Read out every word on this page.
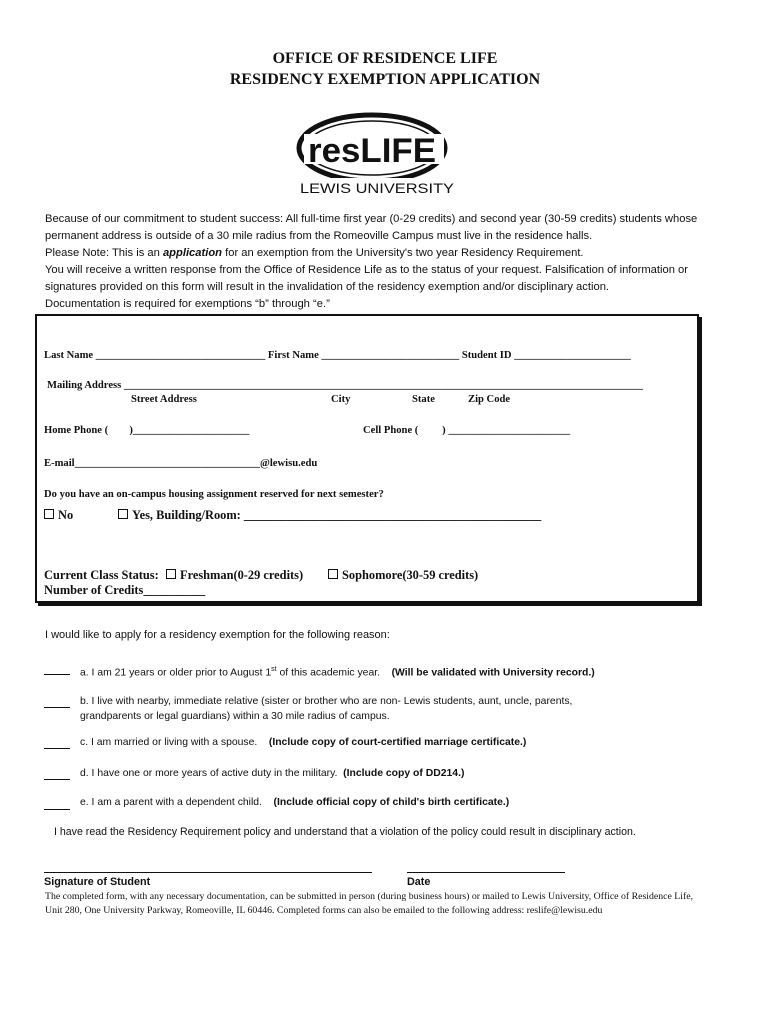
OFFICE OF RESIDENCE LIFE
RESIDENCY EXEMPTION APPLICATION
resLIFE
LEWIS UNIVERSITY

Because of our commitment to student success: All full-time first year (0-29 credits) and second year (30-59 credits) students whose permanent address is outside of a 30 mile radius from the Romeoville Campus must live in the residence halls.

Please Note: This is an application for an exemption from the University's two year Residency Requirement.

You will receive a written response from the Office of Residence Life as to the status of your request. Falsification of information or signatures provided on this form will result in the invalidation of the residency exemption and/or disciplinary action.

Documentation is required for exemptions “b” through “e.”

Last Name ________________________________ First Name __________________________ Student ID ______________________
Mailing Address __________________________________________________________________________________________________
Street Address	City	State	Zip Code
Home Phone (        )______________________	Cell Phone (         ) _______________________
E-mail___________________________________@lewisu.edu
Do you have an on-campus housing assignment reserved for next semester?
No	Yes, Building/Room: ________________________________________________
Current Class Status:	Freshman(0-29 credits)	Sophomore(30-59 credits)
Number of Credits__________
I would like to apply for a residency exemption for the following reason:
a. I am 21 years or older prior to August 1st of this academic year. (Will be validated with University record.)
b. I live with nearby, immediate relative (sister or brother who are non- Lewis students, aunt, uncle, parents,
grandparents or legal guardians) within a 30 mile radius of campus.
c. I am married or living with a spouse. (Include copy of court-certified marriage certificate.)
d. I have one or more years of active duty in the military. (Include copy of DD214.)
e. I am a parent with a dependent child. (Include official copy of child's birth certificate.)
I have read the Residency Requirement policy and understand that a violation of the policy could result in disciplinary action.
Signature of Student	Date
The completed form, with any necessary documentation, can be submitted in person (during business hours) or mailed to Lewis University, Office of Residence Life,
Unit 280, One University Parkway, Romeoville, IL 60446. Completed forms can also be emailed to the following address: reslife@lewisu.edu
